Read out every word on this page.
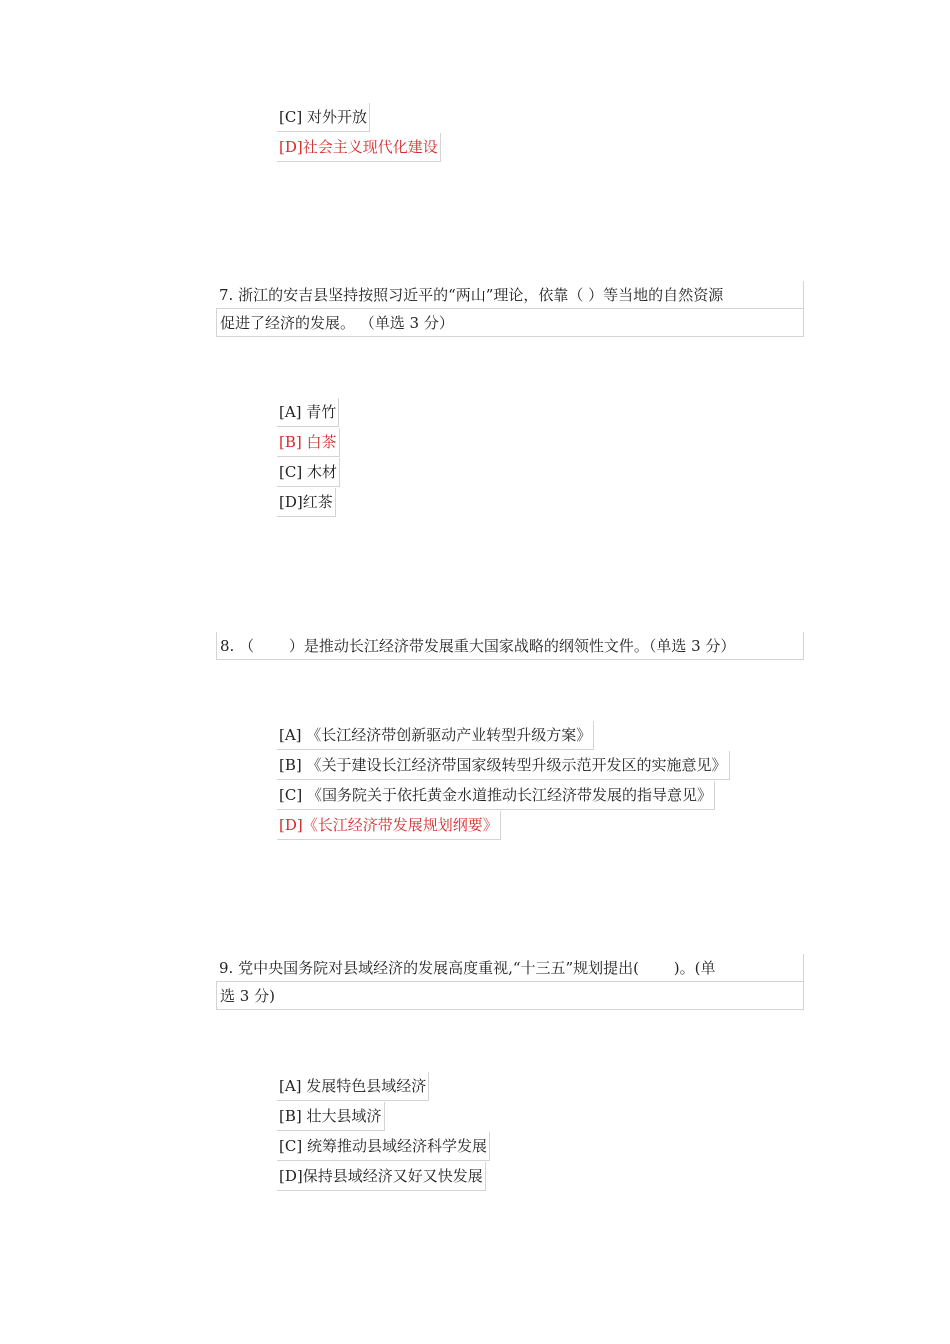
[C] 对外开放
[D]社会主义现代化建设
7. 浙江的安吉县坚持按照习近平的“两山”理论，依靠（ ）等当地的自然资源
促进了经济的发展。 （单选 3 分）
[A] 青竹
[B] 白茶
[C] 木材
[D]红茶
8. （　　 ）是推动长江经济带发展重大国家战略的纲领性文件。（单选 3 分）
[A] 《长江经济带创新驱动产业转型升级方案》
[B] 《关于建设长江经济带国家级转型升级示范开发区的实施意见》
[C] 《国务院关于依托黄金水道推动长江经济带发展的指导意见》
[D]《长江经济带发展规划纲要》
9. 党中央国务院对县域经济的发展高度重视,“十三五”规划提出(　　 )。(单
选 3 分)
[A] 发展特色县域经济
[B] 壮大县域济
[C] 统筹推动县域经济科学发展
[D]保持县域经济又好又快发展
